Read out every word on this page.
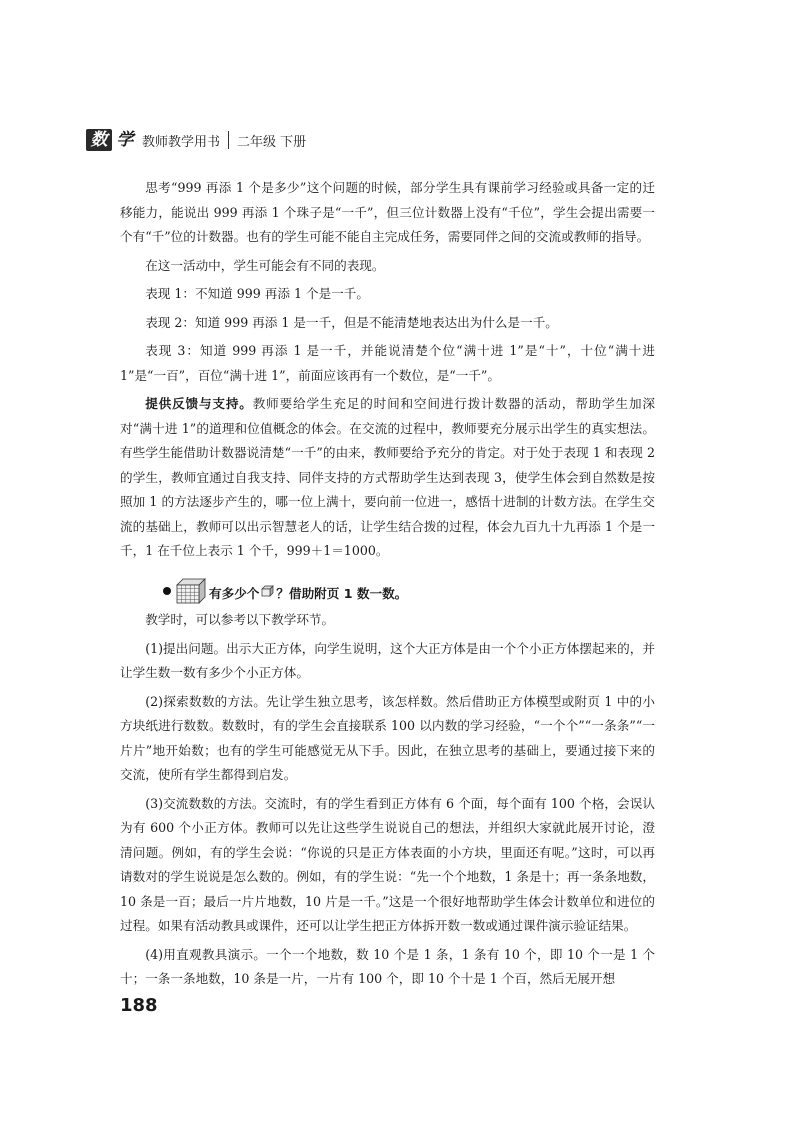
数 学 教师教学用书 二年级 下册

思考“999 再添 1 个是多少”这个问题的时候，部分学生具有课前学习经验或具备一定的迁移能力，能说出 999 再添 1 个珠子是“一千”，但三位计数器上没有“千位”，学生会提出需要一个有“千”位的计数器。也有的学生可能不能自主完成任务，需要同伴之间的交流或教师的指导。

在这一活动中，学生可能会有不同的表现。

表现 1：不知道 999 再添 1 个是一千。

表现 2：知道 999 再添 1 是一千，但是不能清楚地表达出为什么是一千。

表现 3：知道 999 再添 1 是一千，并能说清楚个位“满十进 1”是“十”，十位“满十进 1”是“一百”，百位“满十进 1”，前面应该再有一个数位，是“一千”。

提供反馈与支持。教师要给学生充足的时间和空间进行拨计数器的活动，帮助学生加深对“满十进 1”的道理和位值概念的体会。在交流的过程中，教师要充分展示出学生的真实想法。有些学生能借助计数器说清楚“一千”的由来，教师要给予充分的肯定。对于处于表现 1 和表现 2 的学生，教师宜通过自我支持、同伴支持的方式帮助学生达到表现 3，使学生体会到自然数是按照加 1 的方法逐步产生的，哪一位上满十，要向前一位进一，感悟十进制的计数方法。在学生交流的基础上，教师可以出示智慧老人的话，让学生结合拨的过程，体会九百九十九再添 1 个是一千，1 在千位上表示 1 个千，999＋1＝1000。

有多少个 ？借助附页 1 数一数。

教学时，可以参考以下教学环节。

(1)提出问题。出示大正方体，向学生说明，这个大正方体是由一个个小正方体摆起来的，并让学生数一数有多少个小正方体。

(2)探索数数的方法。先让学生独立思考，该怎样数。然后借助正方体模型或附页 1 中的小方块纸进行数数。数数时，有的学生会直接联系 100 以内数的学习经验，“一个个”“一条条”“一片片”地开始数；也有的学生可能感觉无从下手。因此，在独立思考的基础上，要通过接下来的交流，使所有学生都得到启发。

(3)交流数数的方法。交流时，有的学生看到正方体有 6 个面，每个面有 100 个格，会误认为有 600 个小正方体。教师可以先让这些学生说说自己的想法，并组织大家就此展开讨论，澄清问题。例如，有的学生会说：“你说的只是正方体表面的小方块，里面还有呢。”这时，可以再请数对的学生说说是怎么数的。例如，有的学生说：“先一个个地数，1 条是十；再一条条地数，10 条是一百；最后一片片地数，10 片是一千。”这是一个很好地帮助学生体会计数单位和进位的过程。如果有活动教具或课件，还可以让学生把正方体拆开数一数或通过课件演示验证结果。

(4)用直观教具演示。一个一个地数，数 10 个是 1 条，1 条有 10 个，即 10 个一是 1 个十；一条一条地数，10 条是一片，一片有 100 个，即 10 个十是 1 个百，然后无展开想

188
